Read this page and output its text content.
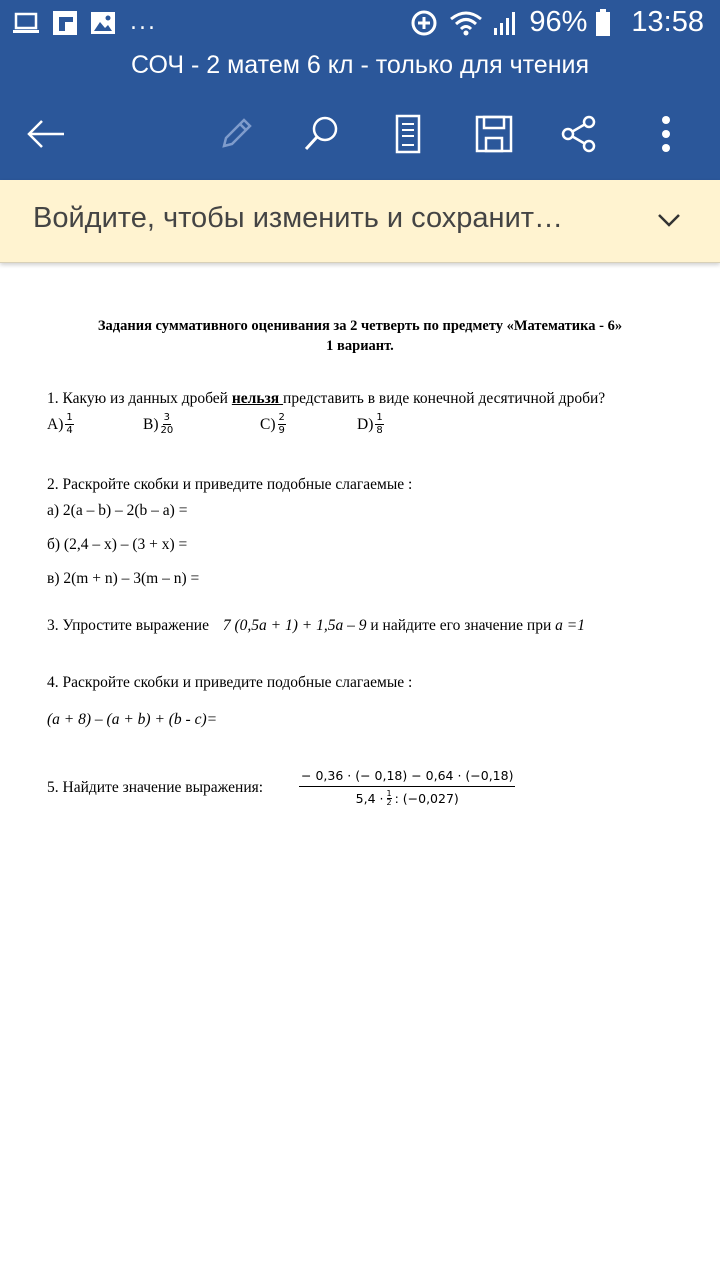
...	96% 13:58
СОЧ - 2 матем 6 кл - только для чтения
Войдите, чтобы изменить и сохранит…
Задания суммативного оценивания за 2 четверть по предмету «Математика - 6»
1 вариант.
1. Какую из данных дробей нельзя представить в виде конечной десятичной дроби?
$A) \frac{1}{4}$	$B) \frac{3}{20}$	$C) \frac{2}{9}$	$D) \frac{1}{8}$
2. Раскройте скобки и приведите подобные слагаемые :
а) 2(a – b) – 2(b – a) =
б) (2,4 – x) – (3 + x) =
в) 2(m + n) – 3(m – n) =
3. Упростите выражение 7 (0,5a + 1) + 1,5a – 9 и найдите его значение при a =1
4. Раскройте скобки и приведите подобные слагаемые :
(a + 8) – (a + b) + (b - c)=
5. Найдите значение выражения:	− 0,36 · (− 0,18) − 0,64 · (−0,18)
5,4 · 1
2 : (−0,027)
